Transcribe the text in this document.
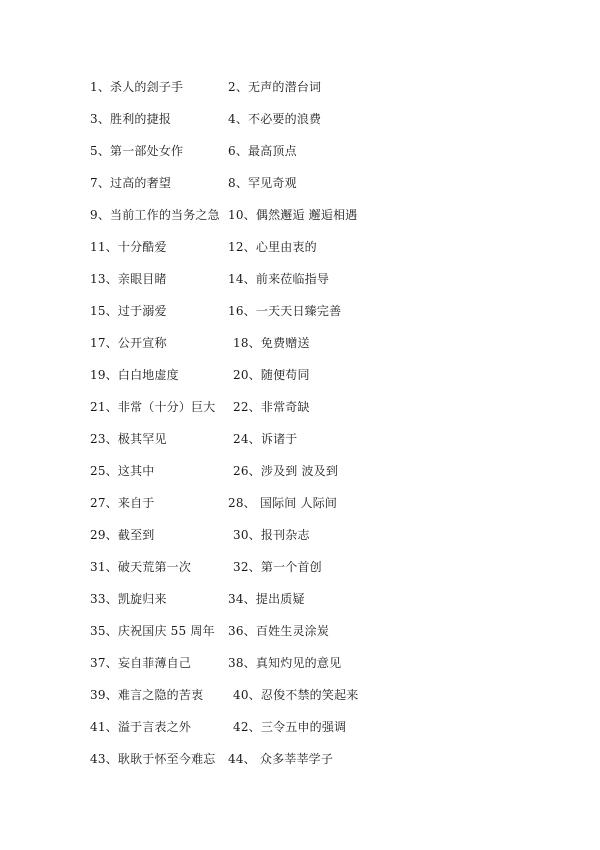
1、杀人的刽子手	2、无声的潜台词
3、胜利的捷报	4、不必要的浪费
5、第一部处女作	6、最高顶点
7、过高的奢望	8、罕见奇观
9、当前工作的当务之急 10、偶然邂逅 邂逅相遇
11、十分酷爱	12、心里由衷的
13、亲眼目睹	14、前来莅临指导
15、过于溺爱	16、一天天日臻完善
17、公开宣称	18、免费赠送
19、白白地虚度	20、随便苟同
21、非常（十分）巨大	22、非常奇缺
23、极其罕见	24、诉诸于
25、这其中	26、涉及到 波及到
27、来自于	28、 国际间 人际间
29、截至到	30、报刊杂志
31、破天荒第一次	32、第一个首创
33、凯旋归来	34、提出质疑
35、庆祝国庆 55 周年	36、百姓生灵涂炭
37、妄自菲薄自己	38、真知灼见的意见
39、难言之隐的苦衷	40、忍俊不禁的笑起来
41、溢于言表之外	42、三令五申的强调
43、耿耿于怀至今难忘	44、 众多莘莘学子
